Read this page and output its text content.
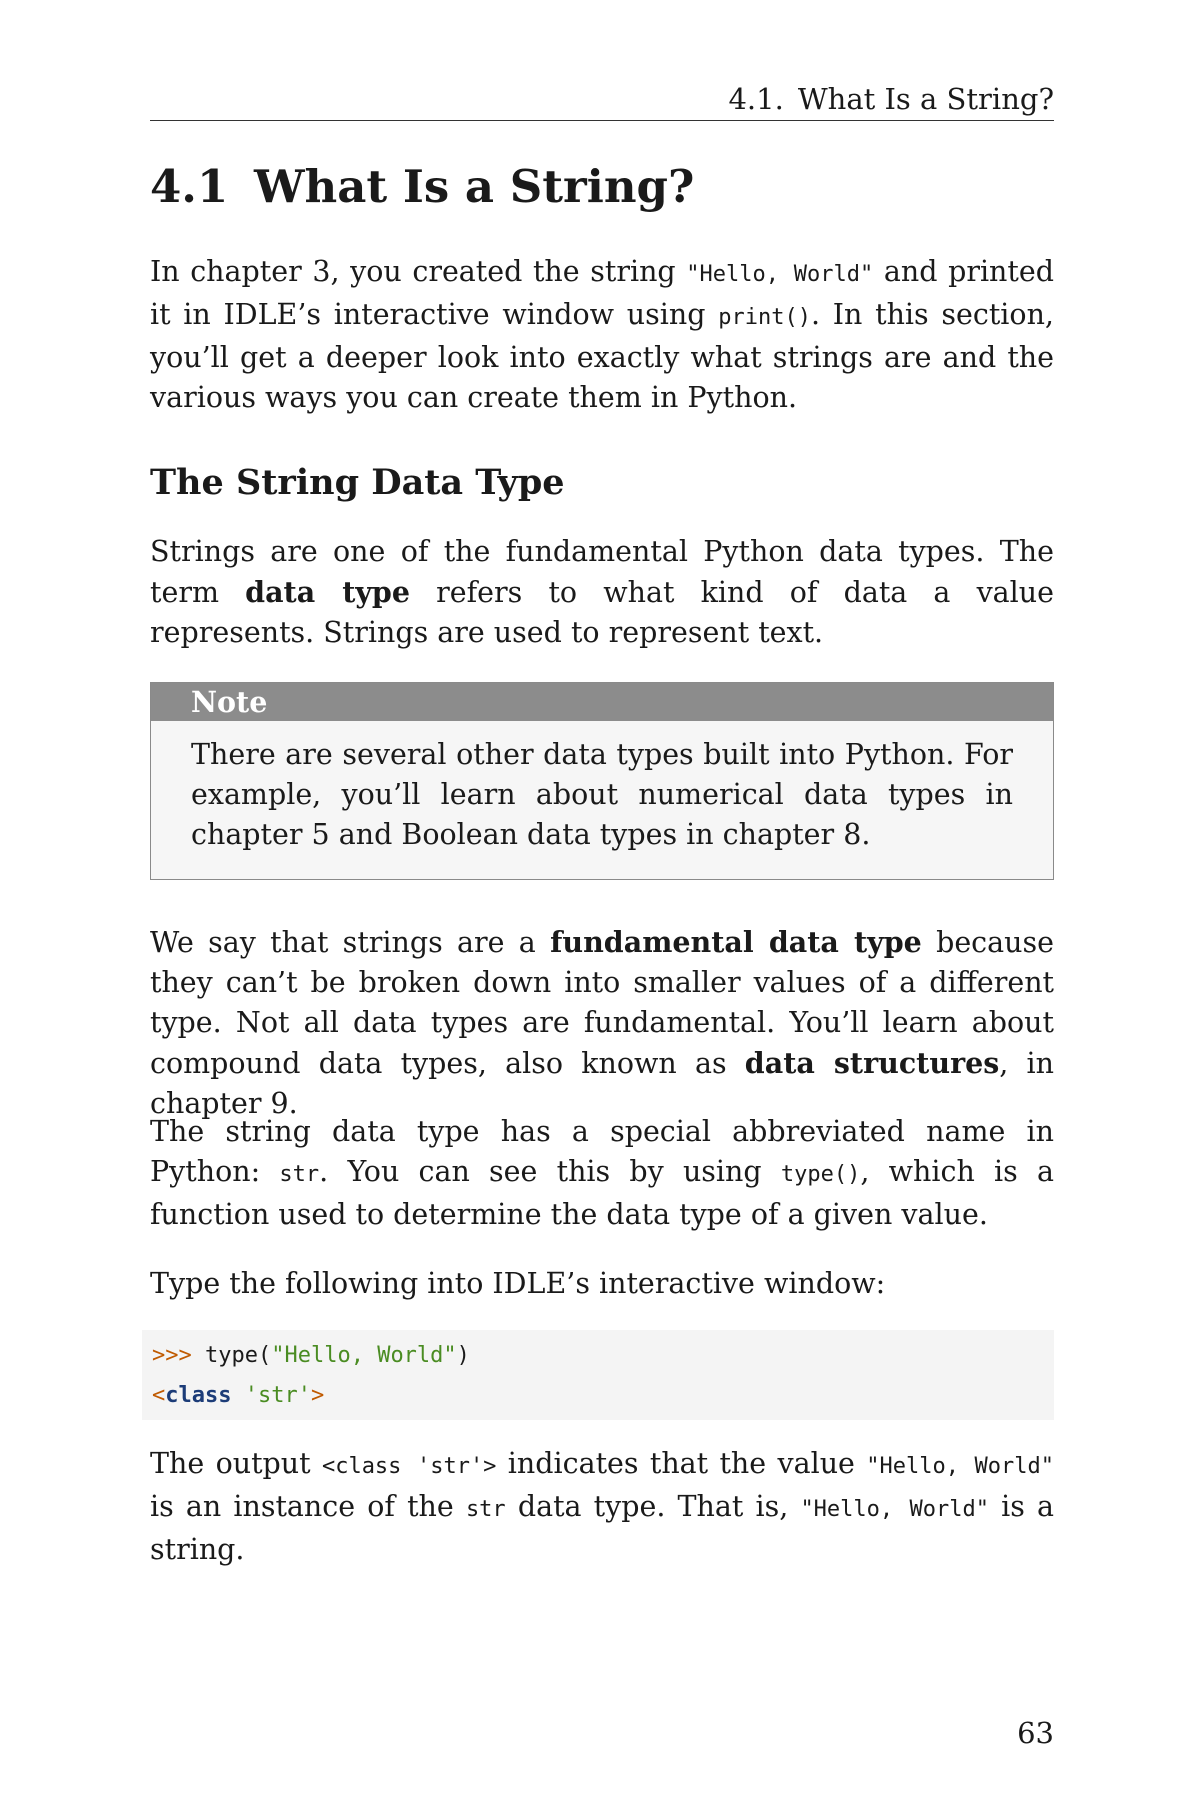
4.1. What Is a String?
4.1 What Is a String?

In chapter 3, you created the string "Hello, World" and printed it in IDLE’s interactive window using print(). In this section, you’ll get a deeper look into exactly what strings are and the various ways you can create them in Python.

The String Data Type

Strings are one of the fundamental Python data types. The term data type refers to what kind of data a value represents. Strings are used to represent text.

Note

There are several other data types built into Python. For example, you’ll learn about numerical data types in chapter 5 and Boolean data types in chapter 8.

We say that strings are a fundamental data type because they can’t be broken down into smaller values of a different type. Not all data types are fundamental. You’ll learn about compound data types, also known as data structures, in chapter 9.

The string data type has a special abbreviated name in Python: str. You can see this by using type(), which is a function used to determine the data type of a given value.

Type the following into IDLE’s interactive window:

>>> type("Hello, World")
<class 'str'>

The output <class 'str'> indicates that the value "Hello, World" is an instance of the str data type. That is, "Hello, World" is a string.

63
